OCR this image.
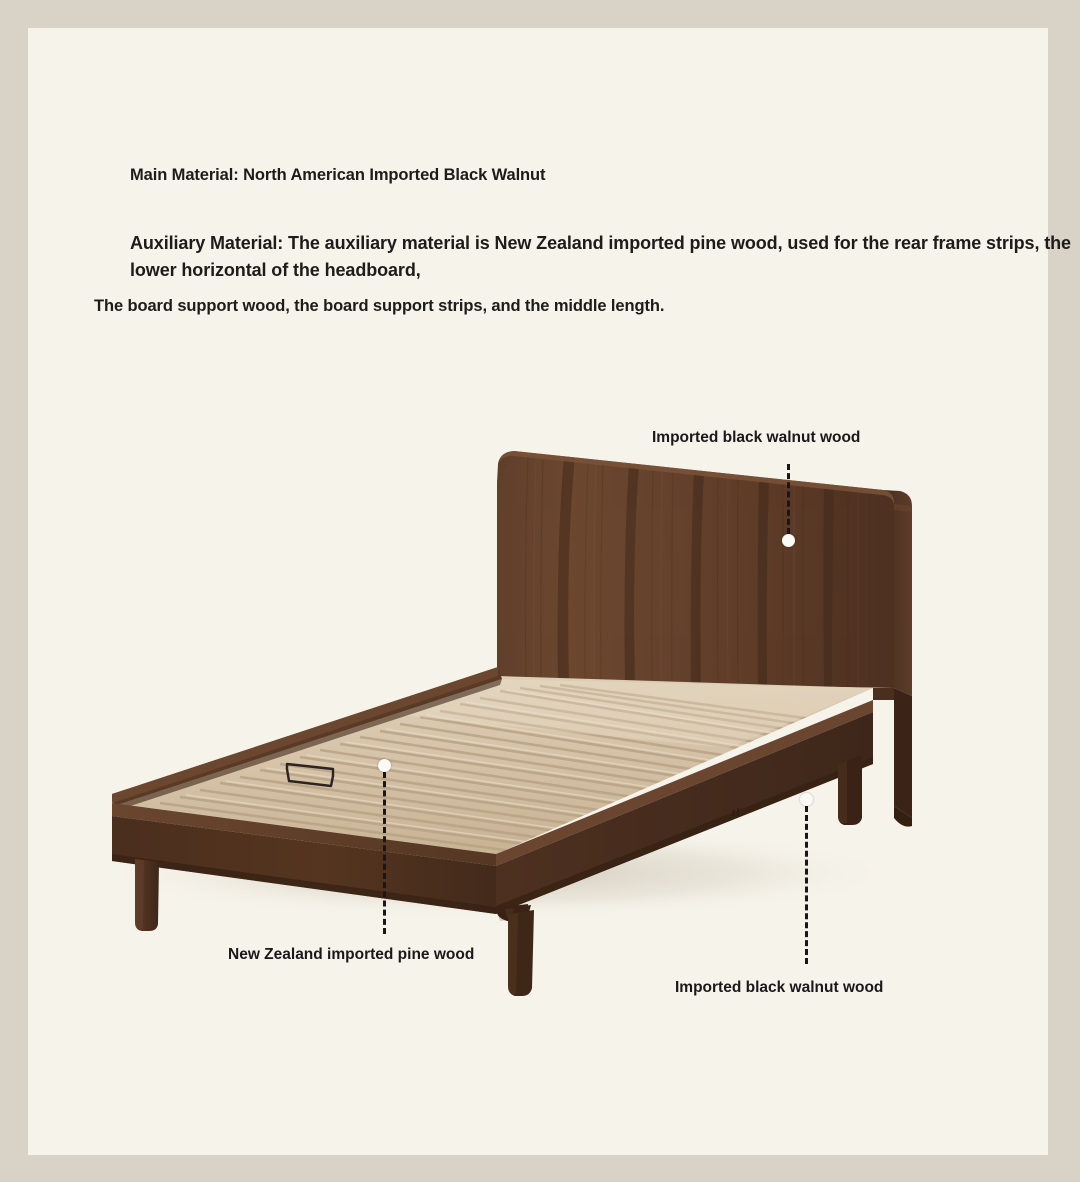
Main Material: North American Imported Black Walnut
Auxiliary Material: The auxiliary material is New Zealand imported pine wood, used for the rear frame strips, the lower horizontal of the headboard,
The board support wood, the board support strips, and the middle length.
Imported black walnut wood
New Zealand imported pine wood
Imported black walnut wood
